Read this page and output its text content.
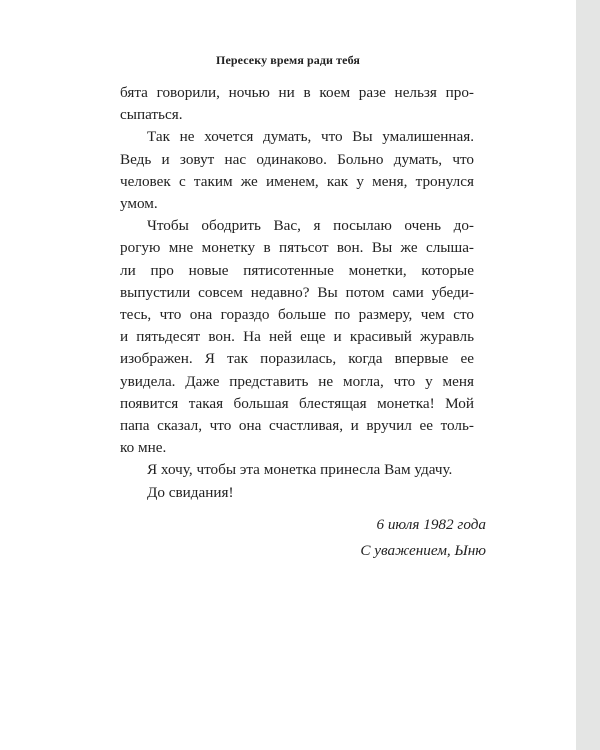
Пересеку время ради тебя
бята говорили, ночью ни в коем разе нельзя про-
сыпаться.
Так не хочется думать, что Вы умалишенная.
Ведь и зовут нас одинаково. Больно думать, что
человек с таким же именем, как у меня, тронулся
умом.
Чтобы ободрить Вас, я посылаю очень до-
рогую мне монетку в пятьсот вон. Вы же слыша-
ли про новые пятисотенные монетки, которые
выпустили совсем недавно? Вы потом сами убеди-
тесь, что она гораздо больше по размеру, чем сто
и пятьдесят вон. На ней еще и красивый журавль
изображен. Я так поразилась, когда впервые ее
увидела. Даже представить не могла, что у меня
появится такая большая блестящая монетка! Мой
папа сказал, что она счастливая, и вручил ее толь-
ко мне.
Я хочу, чтобы эта монетка принесла Вам удачу.
До свидания!
6 июля 1982 года
С уважением, Ыню
